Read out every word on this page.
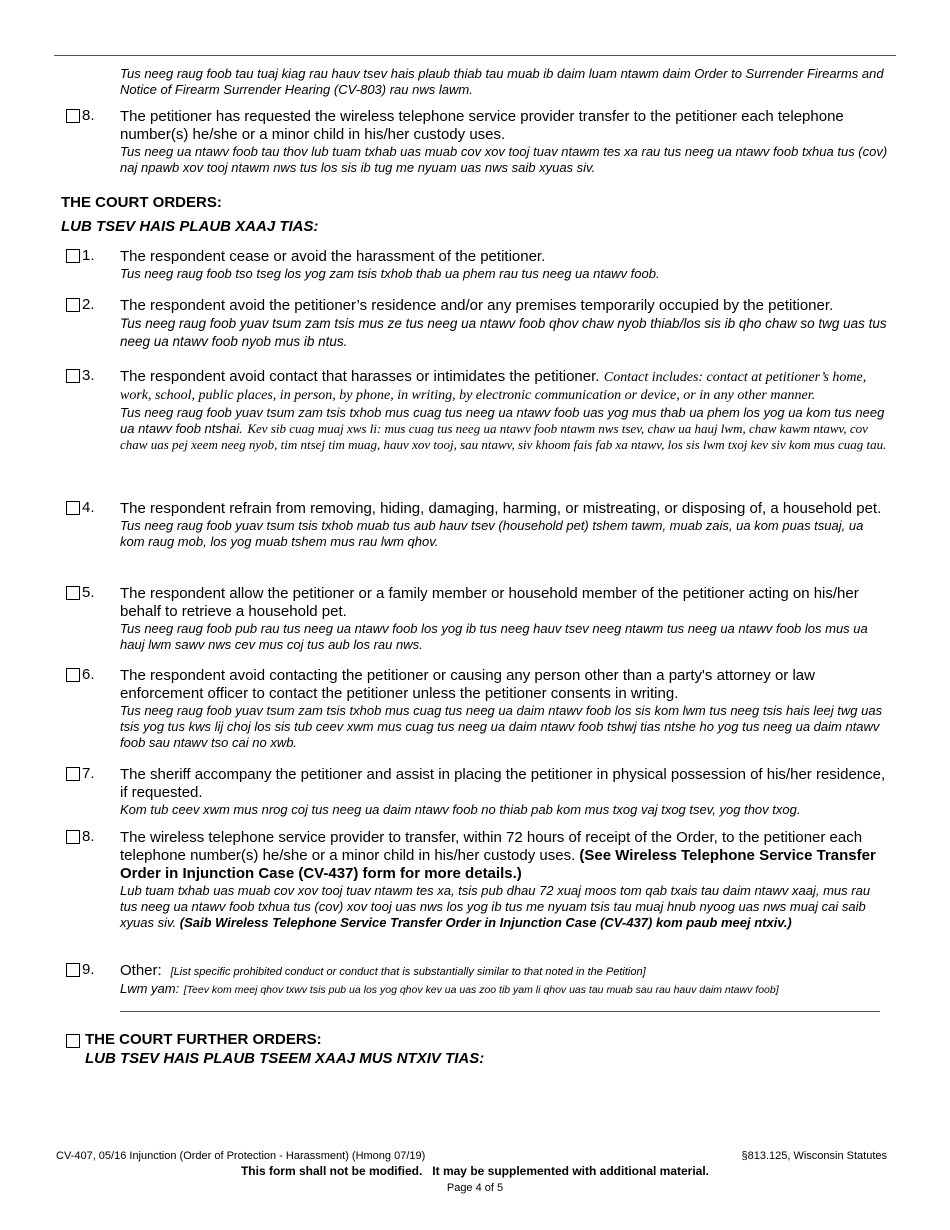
Tus neeg raug foob tau tuaj kiag rau hauv tsev hais plaub thiab tau muab ib daim luam ntawm daim Order to Surrender Firearms and Notice of Firearm Surrender Hearing (CV-803) rau nws lawm.
8. The petitioner has requested the wireless telephone service provider transfer to the petitioner each telephone number(s) he/she or a minor child in his/her custody uses.
Tus neeg ua ntawv foob tau thov lub tuam txhab uas muab cov xov tooj tuav ntawm tes xa rau tus neeg ua ntawv foob txhua tus (cov) naj npawb xov tooj ntawm nws tus los sis ib tug me nyuam uas nws saib xyuas siv.
THE COURT ORDERS:
LUB TSEV HAIS PLAUB XAAJ TIAS:
1. The respondent cease or avoid the harassment of the petitioner.
Tus neeg raug foob tso tseg los yog zam tsis txhob thab ua phem rau tus neeg ua ntawv foob.
2. The respondent avoid the petitioner’s residence and/or any premises temporarily occupied by the petitioner.
Tus neeg raug foob yuav tsum zam tsis mus ze tus neeg ua ntawv foob qhov chaw nyob thiab/los sis ib qho chaw so twg uas tus neeg ua ntawv foob nyob mus ib ntus.
3. The respondent avoid contact that harasses or intimidates the petitioner. Contact includes: contact at petitioner’s home, work, school, public places, in person, by phone, in writing, by electronic communication or device, or in any other manner.
Tus neeg raug foob yuav tsum zam tsis txhob mus cuag tus neeg ua ntawv foob uas yog mus thab ua phem los yog ua kom tus neeg ua ntawv foob ntshai. Kev sib cuag muaj xws li: mus cuag tus neeg ua ntawv foob ntawm nws tsev, chaw ua hauj lwm, chaw kawm ntawv, cov chaw uas pej xeem neeg nyob, tim ntsej tim muag, hauv xov tooj, sau ntawv, siv khoom fais fab xa ntawv, los sis lwm txoj kev siv kom mus cuag tau.
4. The respondent refrain from removing, hiding, damaging, harming, or mistreating, or disposing of, a household pet.
Tus neeg raug foob yuav tsum tsis txhob muab tus aub hauv tsev (household pet) tshem tawm, muab zais, ua kom puas tsuaj, ua kom raug mob, los yog muab tshem mus rau lwm qhov.
5. The respondent allow the petitioner or a family member or household member of the petitioner acting on his/her behalf to retrieve a household pet.
Tus neeg raug foob pub rau tus neeg ua ntawv foob los yog ib tus neeg hauv tsev neeg ntawm tus neeg ua ntawv foob los mus ua hauj lwm sawv nws cev mus coj tus aub los rau nws.
6. The respondent avoid contacting the petitioner or causing any person other than a party's attorney or law enforcement officer to contact the petitioner unless the petitioner consents in writing.
Tus neeg raug foob yuav tsum zam tsis txhob mus cuag tus neeg ua daim ntawv foob los sis kom lwm tus neeg tsis hais leej twg uas tsis yog tus kws lij choj los sis tub ceev xwm mus cuag tus neeg ua daim ntawv foob tshwj tias ntshe ho yog tus neeg ua daim ntawv foob sau ntawv tso cai no xwb.
7. The sheriff accompany the petitioner and assist in placing the petitioner in physical possession of his/her residence, if requested.
Kom tub ceev xwm mus nrog coj tus neeg ua daim ntawv foob no thiab pab kom mus txog vaj txog tsev, yog thov txog.
8. The wireless telephone service provider to transfer, within 72 hours of receipt of the Order, to the petitioner each telephone number(s) he/she or a minor child in his/her custody uses. (See Wireless Telephone Service Transfer Order in Injunction Case (CV-437) form for more details.)
Lub tuam txhab uas muab cov xov tooj tuav ntawm tes xa, tsis pub dhau 72 xuaj moos tom qab txais tau daim ntawv xaaj, mus rau tus neeg ua ntawv foob txhua tus (cov) xov tooj uas nws los yog ib tus me nyuam tsis tau muaj hnub nyoog uas nws muaj cai saib xyuas siv. (Saib Wireless Telephone Service Transfer Order in Injunction Case (CV-437) kom paub meej ntxiv.)
9. Other: [List specific prohibited conduct or conduct that is substantially similar to that noted in the Petition]
Lwm yam: [Teev kom meej qhov txwv tsis pub ua los yog qhov kev ua uas zoo tib yam li qhov uas tau muab sau rau hauv daim ntawv foob]
THE COURT FURTHER ORDERS:
LUB TSEV HAIS PLAUB TSEEM XAAJ MUS NTXIV TIAS:
CV-407, 05/16 Injunction (Order of Protection - Harassment) (Hmong 07/19)	§813.125, Wisconsin Statutes
This form shall not be modified.   It may be supplemented with additional material.
Page 4 of 5
